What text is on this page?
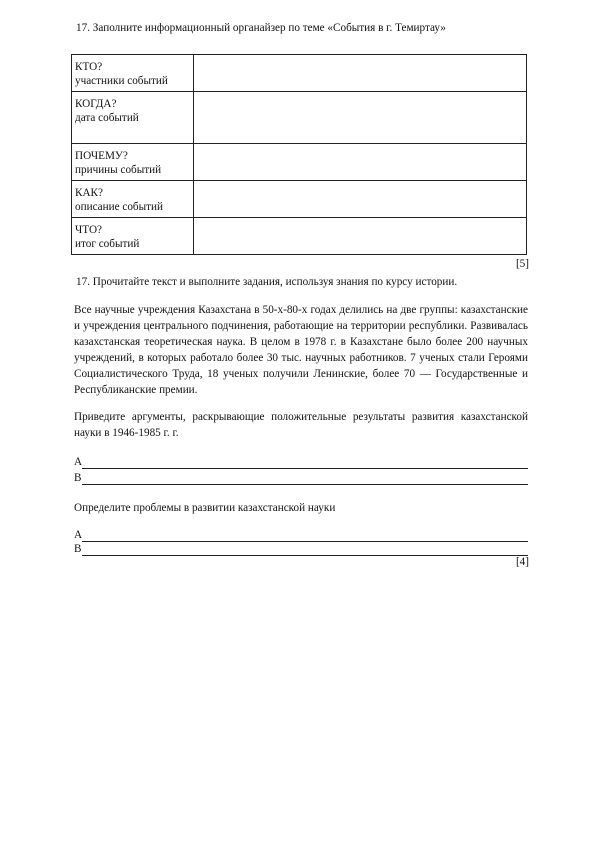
17. Заполните информационный органайзер по теме «События в г. Темиртау»
КТО?
участники событий	

КОГДА?
дата событий	

ПОЧЕМУ?
причины событий	

КАК?
описание событий	

ЧТО?
итог событий	

[5]
17. Прочитайте текст и выполните задания, используя знания по курсу истории.
Все научные учреждения Казахстана в 50-х-80-х годах делились на две группы: казахстанские и учреждения центрального подчинения, работающие на территории республики. Развивалась казахстанская теоретическая наука. В целом в 1978 г. в Казахстане было более 200 научных учреждений, в которых работало более 30 тыс. научных работников. 7 ученых стали Героями Социалистического Труда, 18 ученых получили Ленинские, более 70 — Государственные и Республиканские премии.
Приведите аргументы, раскрывающие положительные результаты развития казахстанской науки в 1946-1985 г. г.
А
В
Определите проблемы в развитии казахстанской науки
А
В
[4]
